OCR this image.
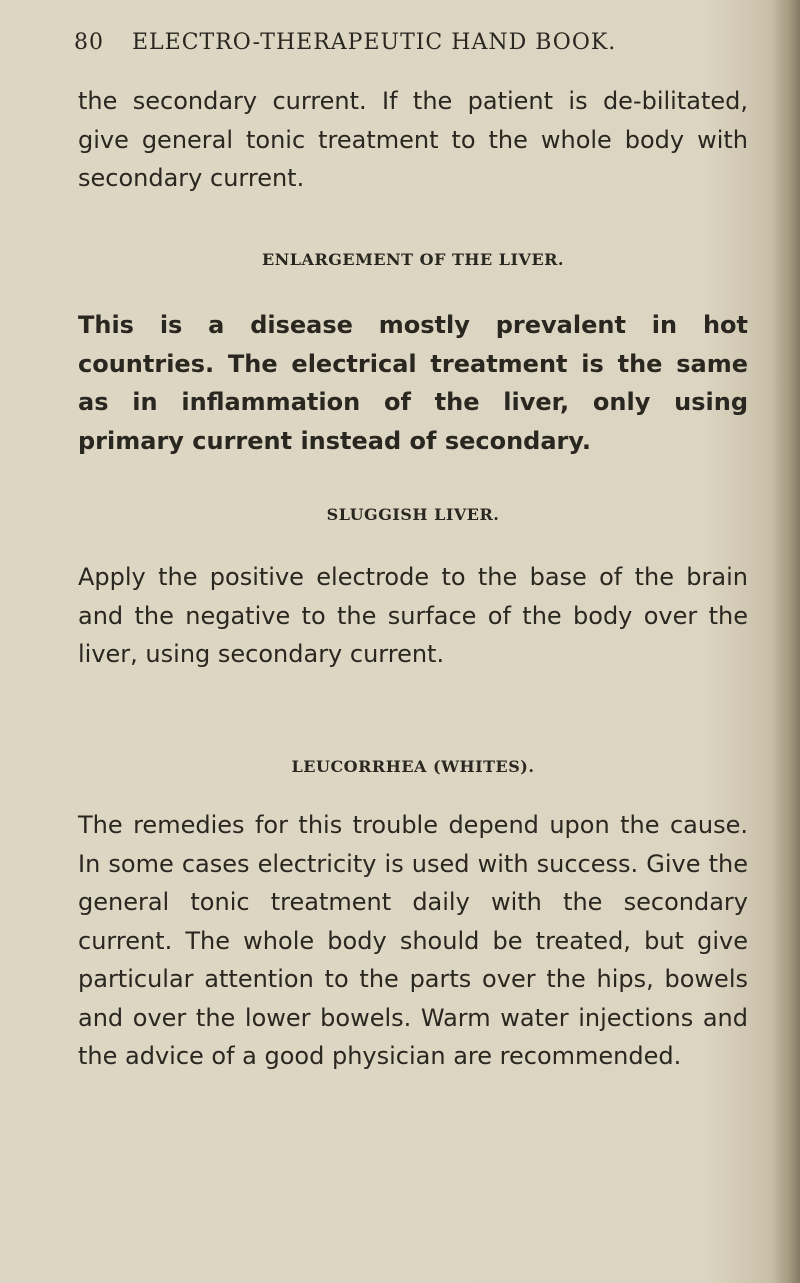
80 ELECTRO-THERAPEUTIC HAND BOOK.
the secondary current. If the patient is de-bilitated, give general tonic treatment to the whole body with secondary current.
ENLARGEMENT OF THE LIVER.
This is a disease mostly prevalent in hot countries. The electrical treatment is the same as in inflammation of the liver, only using primary current instead of secondary.
SLUGGISH LIVER.
Apply the positive electrode to the base of the brain and the negative to the surface of the body over the liver, using secondary current.
LEUCORRHEA (WHITES).
The remedies for this trouble depend upon the cause. In some cases electricity is used with success. Give the general tonic treatment daily with the secondary current. The whole body should be treated, but give particular attention to the parts over the hips, bowels and over the lower bowels. Warm water injections and the advice of a good physician are recommended.
